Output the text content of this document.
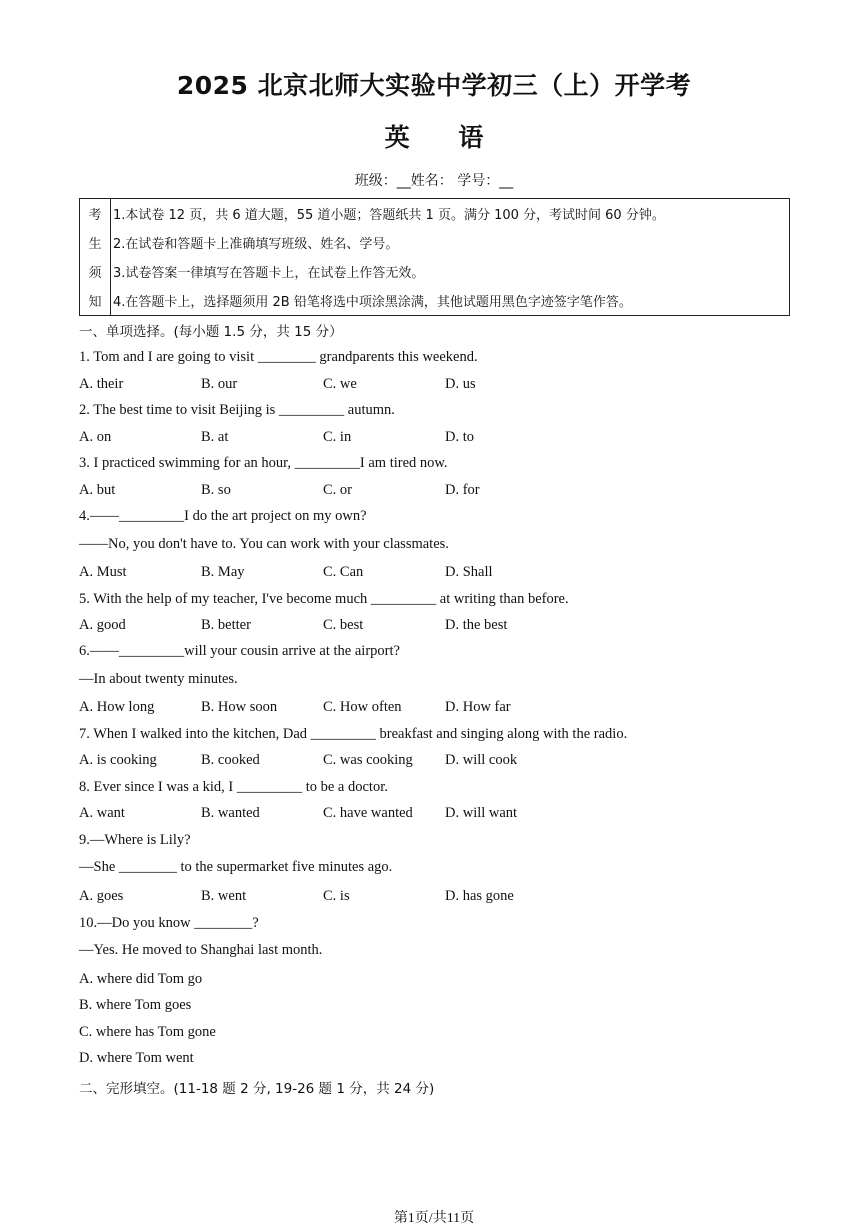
2025 北京北师大实验中学初三（上）开学考
英 语
班级：__姓名： 学号：__
考	1.本试卷 12 页，共 6 道大题，55 道小题；答题纸共 1 页。满分 100 分，考试时间 60 分钟。
生	2.在试卷和答题卡上准确填写班级、姓名、学号。
须	3.试卷答案一律填写在答题卡上，在试卷上作答无效。
知	4.在答题卡上，选择题须用 2B 铅笔将选中项涂黑涂满，其他试题用黑色字迹签字笔作答。
一、单项选择。(每小题 1.5 分，共 15 分）
1. Tom and I are going to visit ________ grandparents this weekend.
A. their	B. our	C. we	D. us
2. The best time to visit Beijing is _________ autumn.
A. on	B. at	C. in	D. to
3. I practiced swimming for an hour, _________I am tired now.
A. but	B. so	C. or	D. for
4.——_________I do the art project on my own?
——No, you don't have to. You can work with your classmates.
A. Must	B. May	C. Can	D. Shall
5. With the help of my teacher, I've become much _________ at writing than before.
A. good	B. better	C. best	D. the best
6.——_________will your cousin arrive at the airport?
—In about twenty minutes.
A. How long	B. How soon	C. How often	D. How far
7. When I walked into the kitchen, Dad _________ breakfast and singing along with the radio.
A. is cooking	B. cooked	C. was cooking D. will cook
8. Ever since I was a kid, I _________ to be a doctor.
A. want	B. wanted	C. have wanted D. will want
9.—Where is Lily?
—She ________ to the supermarket five minutes ago.
A. goes	B. went	C. is	D. has gone
10.—Do you know ________?
—Yes. He moved to Shanghai last month.
A. where did Tom go
B. where Tom goes
C. where has Tom gone
D. where Tom went
二、完形填空。(11-18 题 2 分, 19-26 题 1 分，共 24 分)
第1页/共11页
